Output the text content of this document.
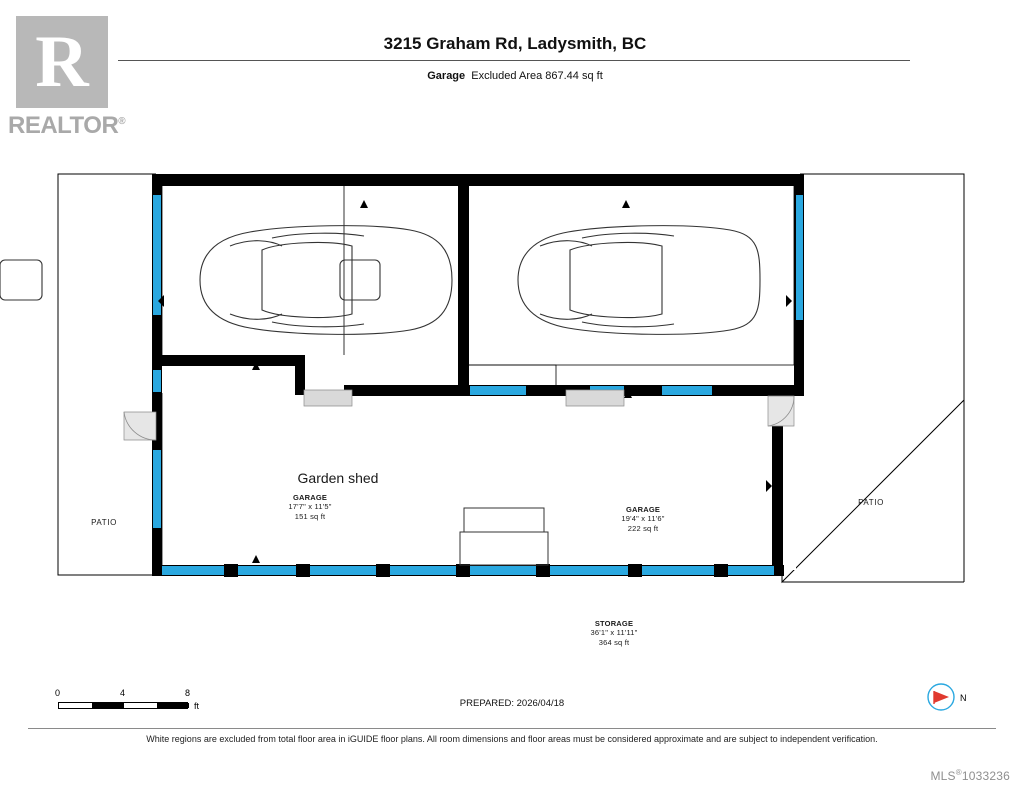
R
REALTOR®
3215 Graham Rd, Ladysmith, BC
Garage Excluded Area 867.44 sq ft
GARAGE
17'7" x 11'5"
151 sq ft
GARAGE
19'4" x 11'6"
222 sq ft
STORAGE
36'1" x 11'11"
364 sq ft
PATIO
PATIO
Garden shed
0	4	8
ft	PREPARED: 2026/04/18	N
White regions are excluded from total floor area in iGUIDE floor plans. All room dimensions and floor areas must be considered approximate and are subject to independent verification.
MLS®1033236
